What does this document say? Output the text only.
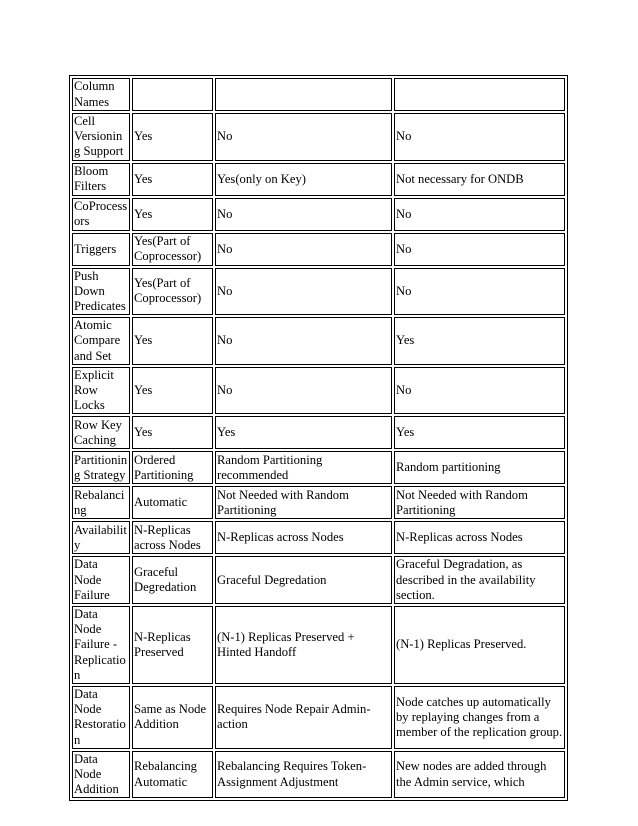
Column Names			
Cell Versioning Support	Yes	No	No
Bloom Filters	Yes	Yes(only on Key)	Not necessary for ONDB
CoProcessors	Yes	No	No
Triggers	Yes(Part of Coprocessor)	No	No
Push Down Predicates	Yes(Part of Coprocessor)	No	No
Atomic Compare and Set	Yes	No	Yes
Explicit Row Locks	Yes	No	No
Row Key Caching	Yes	Yes	Yes
Partitioning Strategy	Ordered Partitioning	Random Partitioning recommended	Random partitioning
Rebalancing	Automatic	Not Needed with Random Partitioning	Not Needed with Random Partitioning
Availability	N-Replicas across Nodes	N-Replicas across Nodes	N-Replicas across Nodes
Data Node Failure	Graceful Degredation	Graceful Degredation	Graceful Degradation, as described in the availability section.
Data Node Failure - Replication	N-Replicas Preserved	(N-1) Replicas Preserved + Hinted Handoff	(N-1) Replicas Preserved.
Data Node Restoration	Same as Node Addition	Requires Node Repair Admin-action	Node catches up automatically by replaying changes from a member of the replication group.
Data Node Addition	Rebalancing Automatic	Rebalancing Requires Token-Assignment Adjustment	New nodes are added through the Admin service, which
